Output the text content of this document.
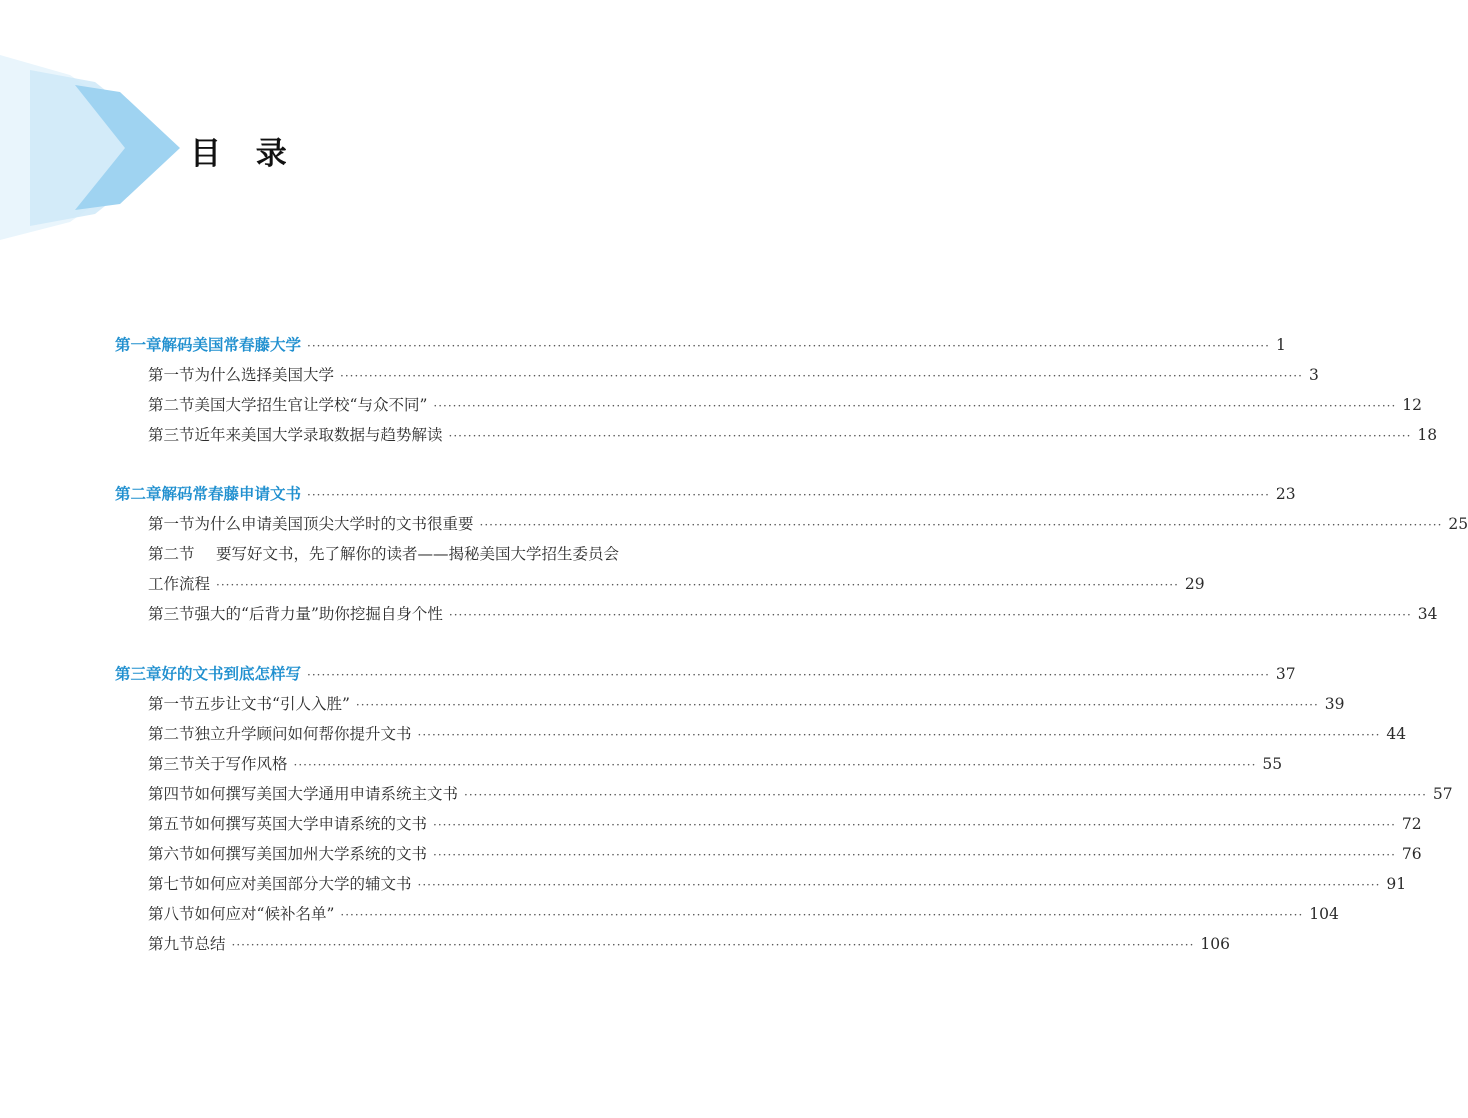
目 录
第一章 解码美国常春藤大学 ········································································································································································································ 1
第一节 为什么选择美国大学 ········································································································································································································ 3
第二节 美国大学招生官让学校“与众不同” ········································································································································································································ 12
第三节 近年来美国大学录取数据与趋势解读 ········································································································································································································ 18
第二章 解码常春藤申请文书 ········································································································································································································ 23
第一节 为什么申请美国顶尖大学时的文书很重要 ········································································································································································································ 25
第二节	要写好文书，先了解你的读者——揭秘美国大学招生委员会
工作流程 ········································································································································································································ 29
第三节 强大的“后背力量”助你挖掘自身个性 ········································································································································································································ 34
第三章 好的文书到底怎样写 ········································································································································································································ 37
第一节 五步让文书“引人入胜” ········································································································································································································ 39
第二节 独立升学顾问如何帮你提升文书 ········································································································································································································ 44
第三节 关于写作风格 ········································································································································································································ 55
第四节 如何撰写美国大学通用申请系统主文书 ········································································································································································································ 57
第五节 如何撰写英国大学申请系统的文书 ········································································································································································································ 72
第六节 如何撰写美国加州大学系统的文书 ········································································································································································································ 76
第七节 如何应对美国部分大学的辅文书 ········································································································································································································ 91
第八节 如何应对“候补名单” ········································································································································································································ 104
第九节 总结 ········································································································································································································ 106
